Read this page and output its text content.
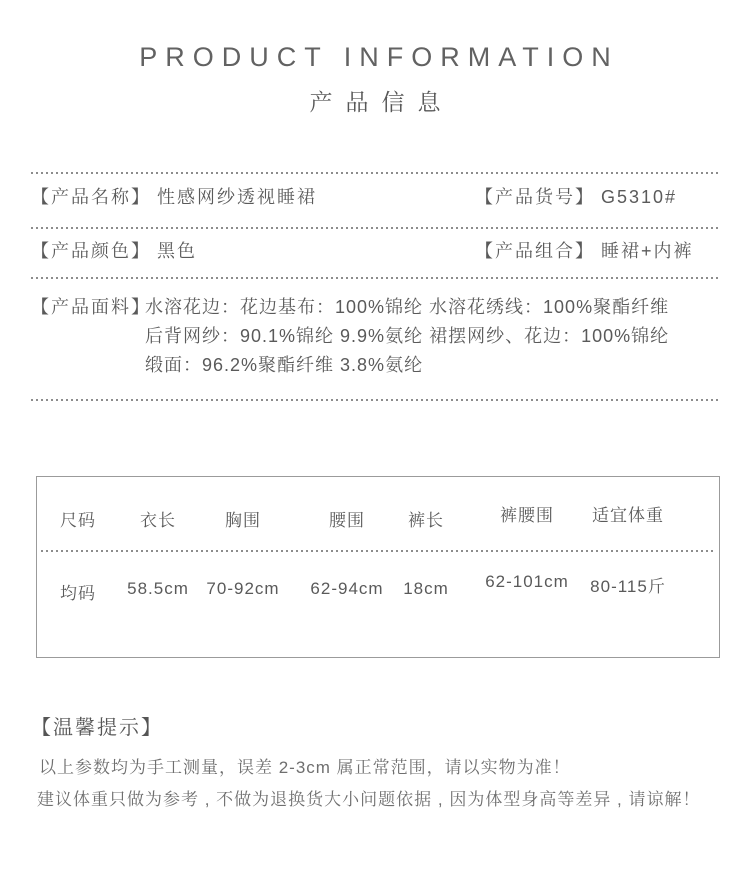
PRODUCT INFORMATION
产品信息
【产品名称】 性感网纱透视睡裙	【产品货号】 G5310#
【产品颜色】 黑色	【产品组合】 睡裙+内裤
【产品面料】
水溶花边：花边基布：100%锦纶 水溶花绣线：100%聚酯纤维
后背网纱：90.1%锦纶 9.9%氨纶 裙摆网纱、花边：100%锦纶
缎面：96.2%聚酯纤维 3.8%氨纶
尺码	衣长	胸围	腰围	裤长	裤腰围 适宜体重
均码 58.5cm 70-92cm 62-94cm 18cm 62-101cm 80-115斤
【温馨提示】
以上参数均为手工测量，误差 2-3cm 属正常范围，请以实物为准！
建议体重只做为参考 , 不做为退换货大小问题依据 , 因为体型身高等差异 , 请谅解！
